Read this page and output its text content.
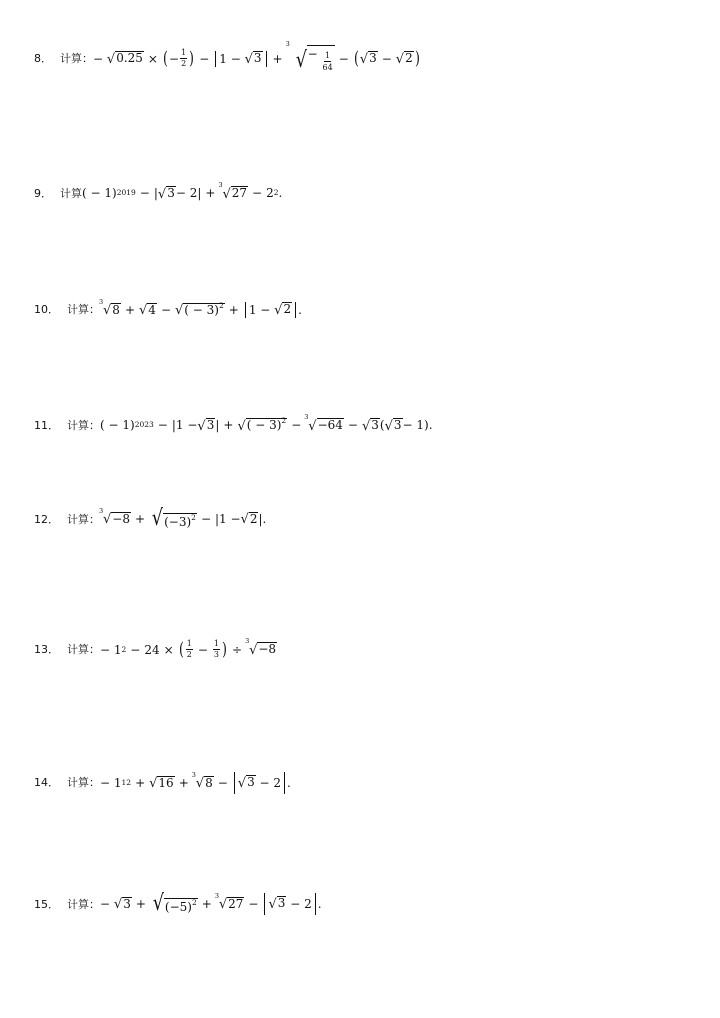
8． 计算： −
√ 0.25 × ( − $\frac{1}{2}$ ) − 1 − √ 3 +
3
√ − $\frac{1}{64}$ − ( √ 3 − √ 2 )
9． 计算 ( − 1) 2019 − | √ 3 − 2| +
3
√ 27 − 2 2 .
10． 计算：
3
√ 8 + √ 4 − √ ( − 3)$^2$ + 1 − √ 2 .
11． 计算： ( − 1) 2023 − |1 − √ 3 | + √ ( − 3)$^2$ −
3
√ −64 − √ 3 ( √ 3 − 1).
12． 计算：
3
√ −8 + √ $(-3)^2 - |1$ − √ 2 |.
13． 计算： − 1 2 − 24 × ( $\frac{1}{2} - \frac{1}{3}$ ) ÷
3
√ −8
14． 计算： − 1 12 + √ 16 +
3
√ 8 − √ 3 − 2 .
15． 计算： −
√ 3 + √ $(-5)^2$ +
3
√ 27 − √ 3 − 2 .
